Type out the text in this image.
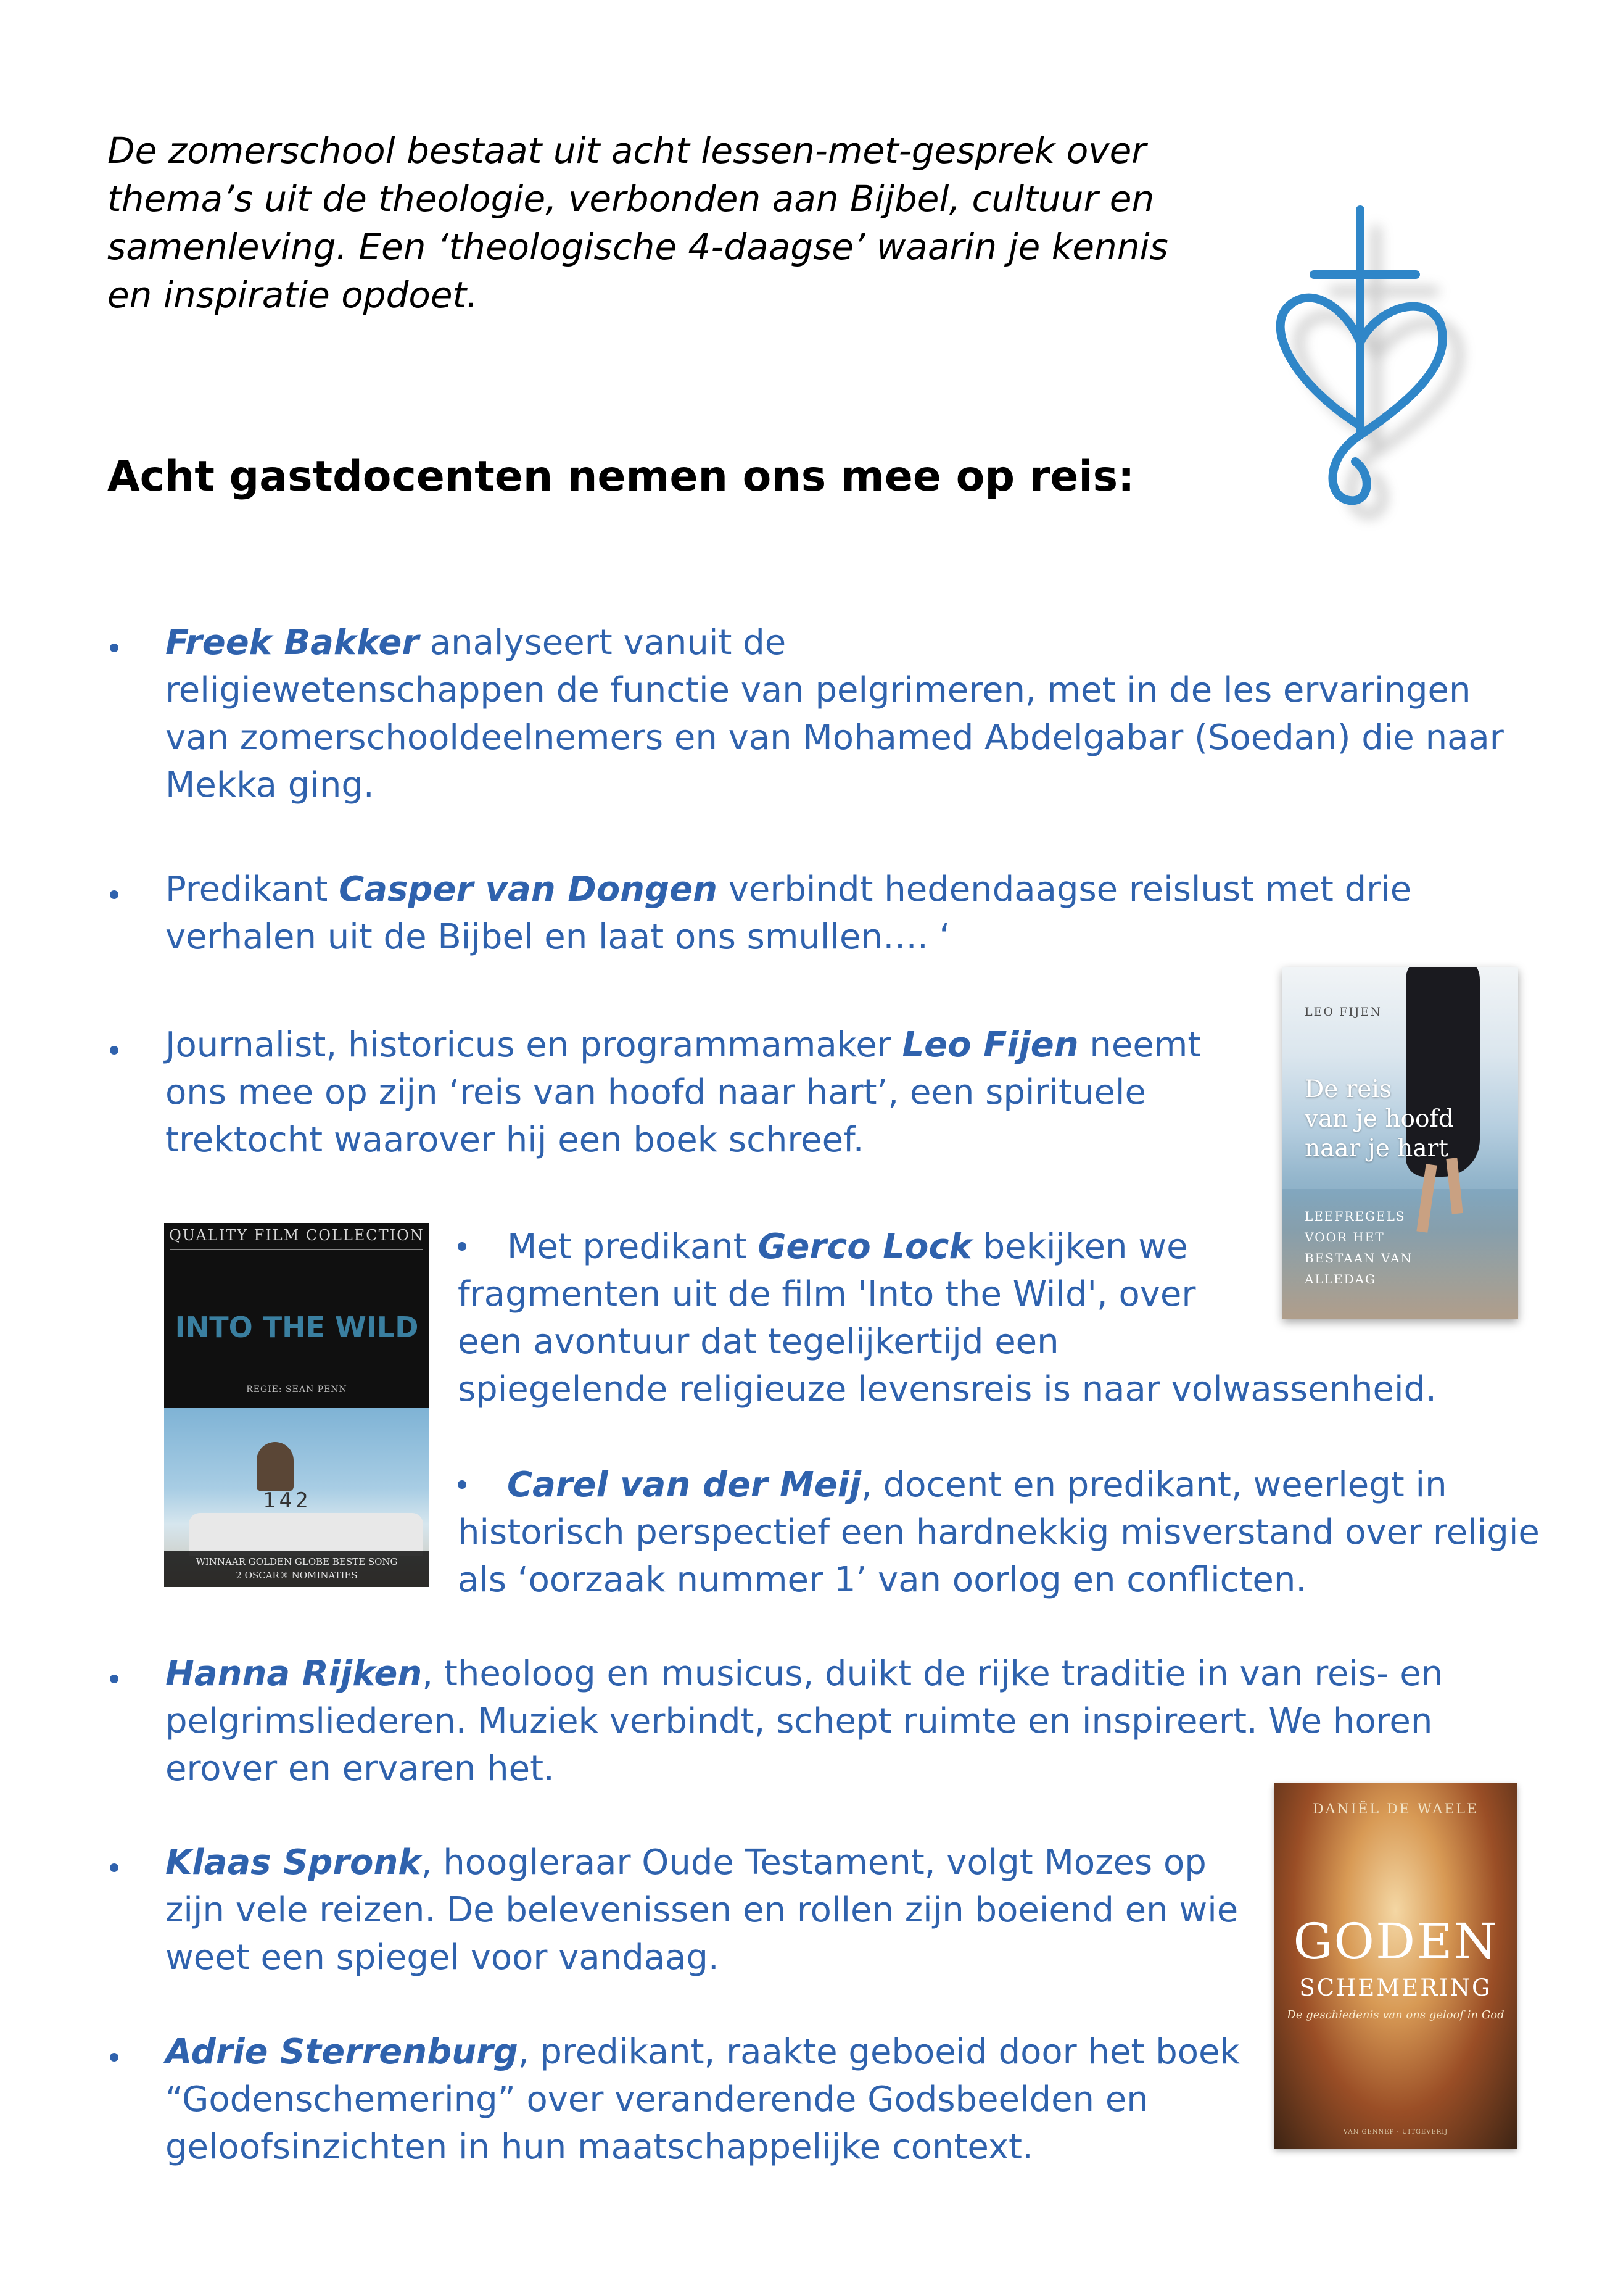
De zomerschool bestaat uit acht lessen-met-gesprek over
thema’s uit de theologie, verbonden aan Bijbel, cultuur en
samenleving. Een ‘theologische 4-daagse’ waarin je kennis
en inspiratie opdoet.
Acht gastdocenten nemen ons mee op reis:
Freek Bakker analyseert vanuit de
religiewetenschappen de functie van pelgrimeren, met in de les ervaringen
van zomerschooldeelnemers en van Mohamed Abdelgabar (Soedan) die naar
Mekka ging.
Predikant Casper van Dongen verbindt hedendaagse reislust met drie
verhalen uit de Bijbel en laat ons smullen…. ‘
Journalist, historicus en programmamaker Leo Fijen neemt
ons mee op zijn ‘reis van hoofd naar hart’, een spirituele
trektocht waarover hij een boek schreef.
LEO FIJEN
De reis
van je hoofd
naar je hart
LEEFREGELS
VOOR HET
BESTAAN VAN
ALLEDAG
QUALITY FILM COLLECTION
INTO THE WILD
REGIE: SEAN PENN
142
WINNAAR GOLDEN GLOBE BESTE SONG
2 OSCAR® NOMINATIES
Met predikant Gerco Lock bekijken we
fragmenten uit de film 'Into the Wild', over
een avontuur dat tegelijkertijd een
spiegelende religieuze levensreis is naar volwassenheid.
Carel van der Meij, docent en predikant, weerlegt in
historisch perspectief een hardnekkig misverstand over religie
als ‘oorzaak nummer 1’ van oorlog en conflicten.
Hanna Rijken, theoloog en musicus, duikt de rijke traditie in van reis- en
pelgrimsliederen. Muziek verbindt, schept ruimte en inspireert. We horen
erover en ervaren het.
Klaas Spronk, hoogleraar Oude Testament, volgt Mozes op
zijn vele reizen. De belevenissen en rollen zijn boeiend en wie
weet een spiegel voor vandaag.
DANIËL DE WAELE
GODEN
SCHEMERING
De geschiedenis van ons geloof in God
VAN GENNEP · UITGEVERIJ
Adrie Sterrenburg, predikant, raakte geboeid door het boek
“Godenschemering” over veranderende Godsbeelden en
geloofsinzichten in hun maatschappelijke context.
